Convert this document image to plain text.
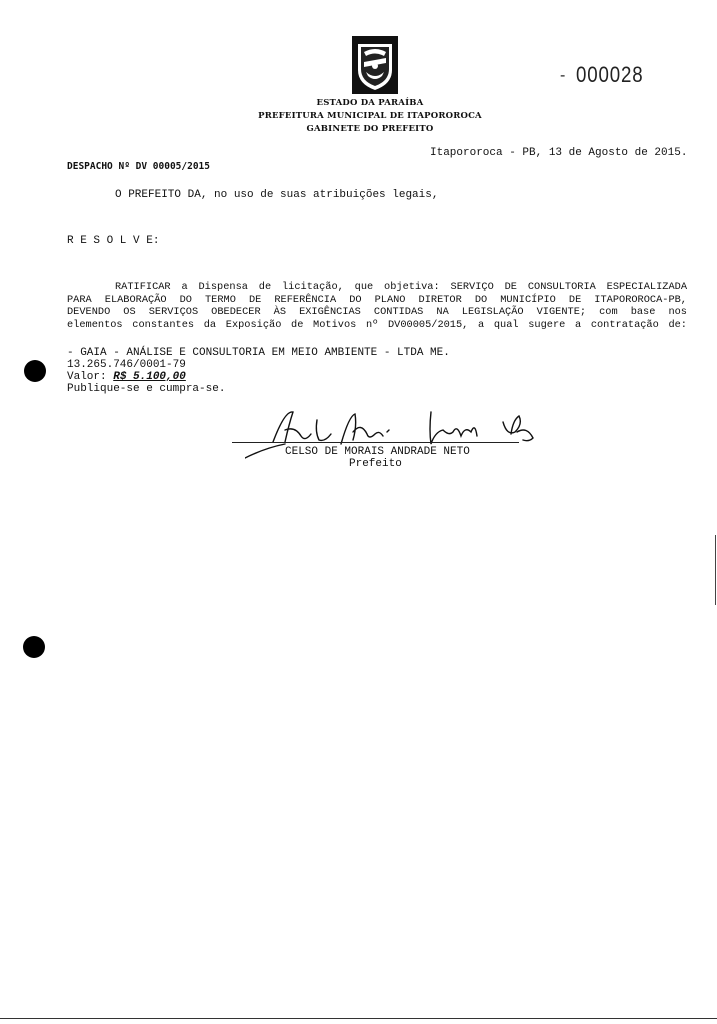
- 000028
ESTADO DA PARAÍBA
PREFEITURA MUNICIPAL DE ITAPOROROCA
GABINETE DO PREFEITO
Itapororoca - PB, 13 de Agosto de 2015.
DESPACHO Nº DV 00005/2015
O PREFEITO DA, no uso de suas atribuições legais,
R E S O L V E:
RATIFICAR a Dispensa de licitação, que objetiva: SERVIÇO DE CONSULTORIA ESPECIALIZADA
PARA ELABORAÇÃO DO TERMO DE REFERÊNCIA DO PLANO DIRETOR DO MUNICÍPIO DE ITAPOROROCA-PB,
DEVENDO OS SERVIÇOS OBEDECER ÀS EXIGÊNCIAS CONTIDAS NA LEGISLAÇÃO VIGENTE; com base nos
elementos constantes da Exposição de Motivos nº DV00005/2015, a qual sugere a contratação de:
- GAIA - ANÁLISE E CONSULTORIA EM MEIO AMBIENTE - LTDA ME.
13.265.746/0001-79
Valor: R$ 5.100,00
Publique-se e cumpra-se.
CELSO DE MORAIS ANDRADE NETO
Prefeito
